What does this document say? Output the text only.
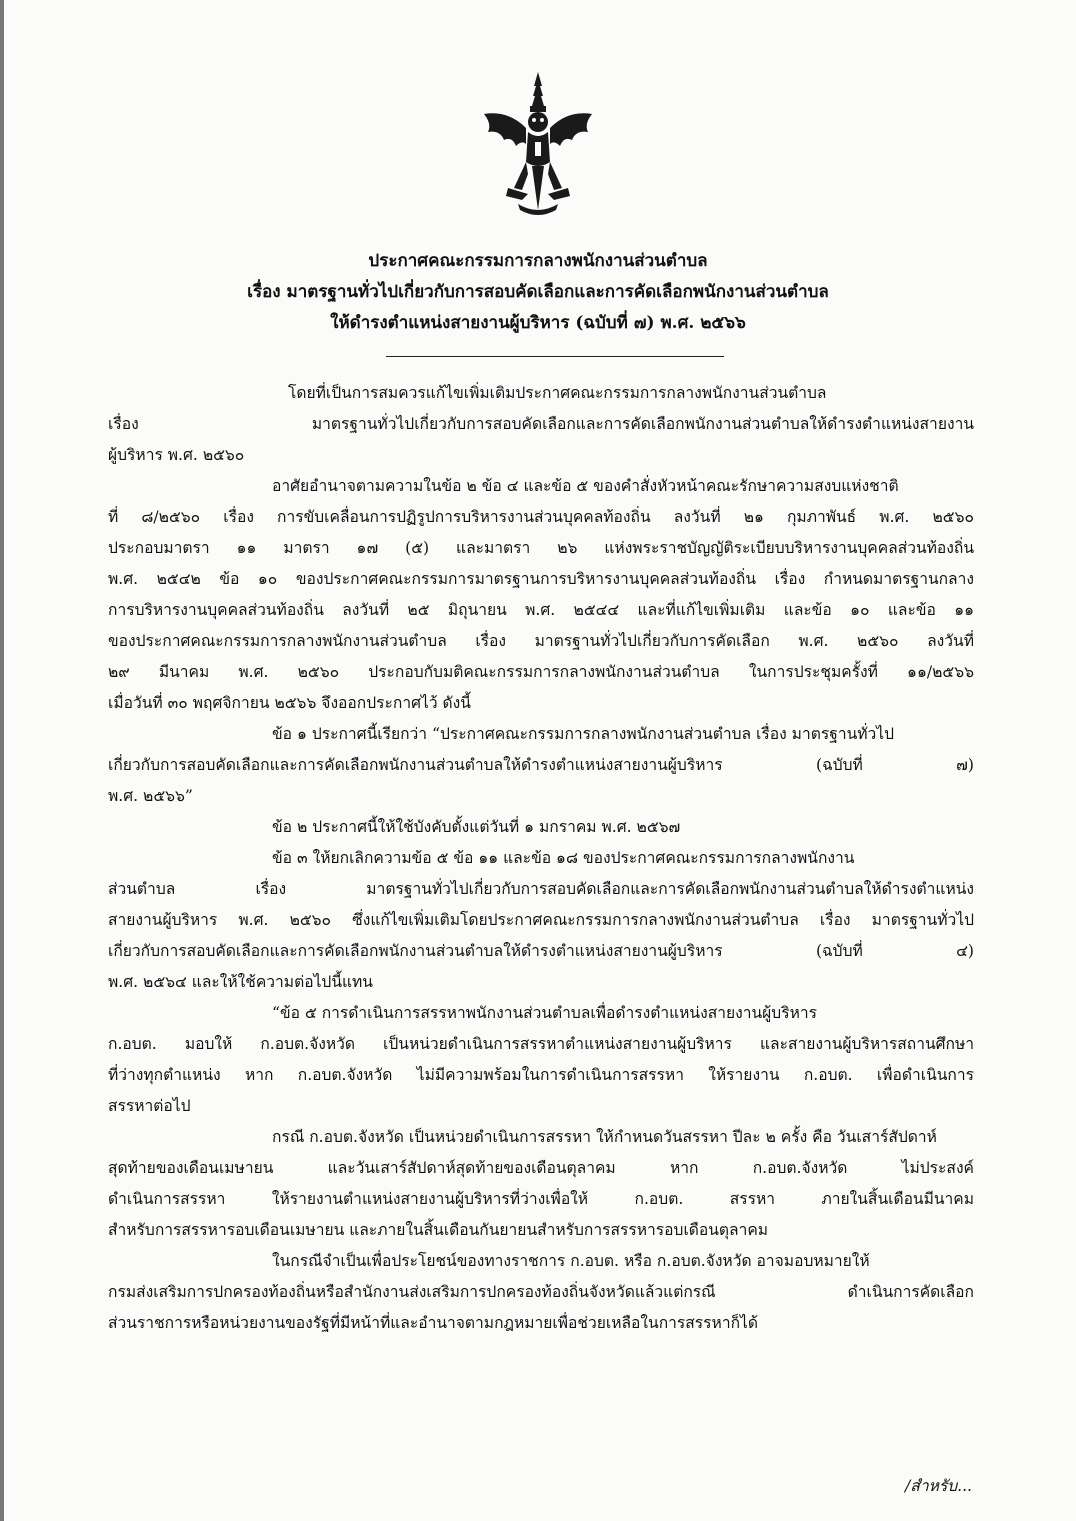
ประกาศคณะกรรมการกลางพนักงานส่วนตำบล
เรื่อง มาตรฐานทั่วไปเกี่ยวกับการสอบคัดเลือกและการคัดเลือกพนักงานส่วนตำบล
ให้ดำรงตำแหน่งสายงานผู้บริหาร (ฉบับที่ ๗) พ.ศ. ๒๕๖๖
โดยที่เป็นการสมควรแก้ไขเพิ่มเติมประกาศคณะกรรมการกลางพนักงานส่วนตำบล
เรื่อง มาตรฐานทั่วไปเกี่ยวกับการสอบคัดเลือกและการคัดเลือกพนักงานส่วนตำบลให้ดำรงตำแหน่งสายงาน
ผู้บริหาร พ.ศ. ๒๕๖๐
อาศัยอำนาจตามความในข้อ ๒ ข้อ ๔ และข้อ ๕ ของคำสั่งหัวหน้าคณะรักษาความสงบแห่งชาติ
ที่ ๘/๒๕๖๐ เรื่อง การขับเคลื่อนการปฏิรูปการบริหารงานส่วนบุคคลท้องถิ่น ลงวันที่ ๒๑ กุมภาพันธ์ พ.ศ. ๒๕๖๐
ประกอบมาตรา ๑๑ มาตรา ๑๗ (๕) และมาตรา ๒๖ แห่งพระราชบัญญัติระเบียบบริหารงานบุคคลส่วนท้องถิ่น
พ.ศ. ๒๕๔๒ ข้อ ๑๐ ของประกาศคณะกรรมการมาตรฐานการบริหารงานบุคคลส่วนท้องถิ่น เรื่อง กำหนดมาตรฐานกลาง
การบริหารงานบุคคลส่วนท้องถิ่น ลงวันที่ ๒๕ มิถุนายน พ.ศ. ๒๕๔๔ และที่แก้ไขเพิ่มเติม และข้อ ๑๐ และข้อ ๑๑
ของประกาศคณะกรรมการกลางพนักงานส่วนตำบล เรื่อง มาตรฐานทั่วไปเกี่ยวกับการคัดเลือก พ.ศ. ๒๕๖๐ ลงวันที่
๒๙ มีนาคม พ.ศ. ๒๕๖๐ ประกอบกับมติคณะกรรมการกลางพนักงานส่วนตำบล ในการประชุมครั้งที่ ๑๑/๒๕๖๖
เมื่อวันที่ ๓๐ พฤศจิกายน ๒๕๖๖ จึงออกประกาศไว้ ดังนี้
ข้อ ๑ ประกาศนี้เรียกว่า “ประกาศคณะกรรมการกลางพนักงานส่วนตำบล เรื่อง มาตรฐานทั่วไป
เกี่ยวกับการสอบคัดเลือกและการคัดเลือกพนักงานส่วนตำบลให้ดำรงตำแหน่งสายงานผู้บริหาร (ฉบับที่ ๗)
พ.ศ. ๒๕๖๖”
ข้อ ๒ ประกาศนี้ให้ใช้บังคับตั้งแต่วันที่ ๑ มกราคม พ.ศ. ๒๕๖๗
ข้อ ๓ ให้ยกเลิกความข้อ ๕ ข้อ ๑๑ และข้อ ๑๘ ของประกาศคณะกรรมการกลางพนักงาน
ส่วนตำบล เรื่อง มาตรฐานทั่วไปเกี่ยวกับการสอบคัดเลือกและการคัดเลือกพนักงานส่วนตำบลให้ดำรงตำแหน่ง
สายงานผู้บริหาร พ.ศ. ๒๕๖๐ ซึ่งแก้ไขเพิ่มเติมโดยประกาศคณะกรรมการกลางพนักงานส่วนตำบล เรื่อง มาตรฐานทั่วไป
เกี่ยวกับการสอบคัดเลือกและการคัดเลือกพนักงานส่วนตำบลให้ดำรงตำแหน่งสายงานผู้บริหาร (ฉบับที่ ๔)
พ.ศ. ๒๕๖๔ และให้ใช้ความต่อไปนี้แทน
“ข้อ ๕ การดำเนินการสรรหาพนักงานส่วนตำบลเพื่อดำรงตำแหน่งสายงานผู้บริหาร
ก.อบต. มอบให้ ก.อบต.จังหวัด เป็นหน่วยดำเนินการสรรหาตำแหน่งสายงานผู้บริหาร และสายงานผู้บริหารสถานศึกษา
ที่ว่างทุกตำแหน่ง หาก ก.อบต.จังหวัด ไม่มีความพร้อมในการดำเนินการสรรหา ให้รายงาน ก.อบต. เพื่อดำเนินการ
สรรหาต่อไป
กรณี ก.อบต.จังหวัด เป็นหน่วยดำเนินการสรรหา ให้กำหนดวันสรรหา ปีละ ๒ ครั้ง คือ วันเสาร์สัปดาห์
สุดท้ายของเดือนเมษายน และวันเสาร์สัปดาห์สุดท้ายของเดือนตุลาคม หาก ก.อบต.จังหวัด ไม่ประสงค์
ดำเนินการสรรหา ให้รายงานตำแหน่งสายงานผู้บริหารที่ว่างเพื่อให้ ก.อบต. สรรหา ภายในสิ้นเดือนมีนาคม
สำหรับการสรรหารอบเดือนเมษายน และภายในสิ้นเดือนกันยายนสำหรับการสรรหารอบเดือนตุลาคม
ในกรณีจำเป็นเพื่อประโยชน์ของทางราชการ ก.อบต. หรือ ก.อบต.จังหวัด อาจมอบหมายให้
กรมส่งเสริมการปกครองท้องถิ่นหรือสำนักงานส่งเสริมการปกครองท้องถิ่นจังหวัดแล้วแต่กรณี ดำเนินการคัดเลือก
ส่วนราชการหรือหน่วยงานของรัฐที่มีหน้าที่และอำนาจตามกฎหมายเพื่อช่วยเหลือในการสรรหาก็ได้
/สำหรับ...
